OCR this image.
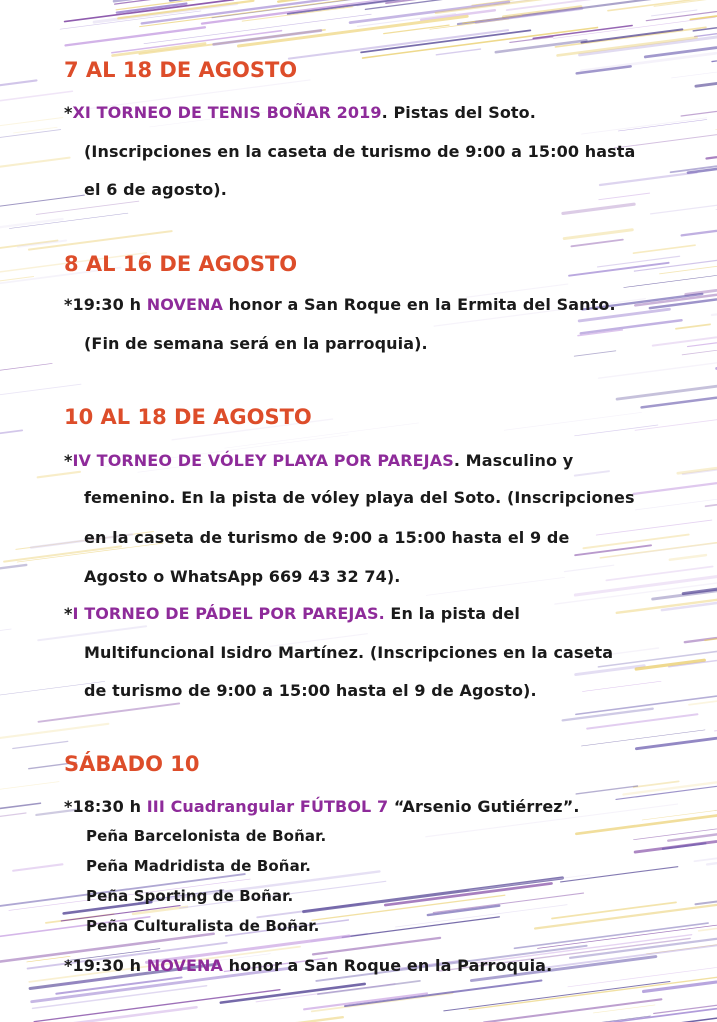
7 AL 18 DE AGOSTO
*XI TORNEO DE TENIS BOÑAR 2019. Pistas del Soto.
(Inscripciones en la caseta de turismo de 9:00 a 15:00 hasta
el 6 de agosto).
8 AL 16 DE AGOSTO
*19:30 h NOVENA honor a San Roque en la Ermita del Santo.
(Fin de semana será en la parroquia).
10 AL 18 DE AGOSTO
*IV TORNEO DE VÓLEY PLAYA POR PAREJAS. Masculino y
femenino. En la pista de vóley playa del Soto. (Inscripciones
en la caseta de turismo de 9:00 a 15:00 hasta el 9 de
Agosto o WhatsApp 669 43 32 74).
*I TORNEO DE PÁDEL POR PAREJAS. En la pista del
Multifuncional Isidro Martínez. (Inscripciones en la caseta
de turismo de 9:00 a 15:00 hasta el 9 de Agosto).
SÁBADO 10
*18:30 h III Cuadrangular FÚTBOL 7 “Arsenio Gutiérrez”.
Peña Barcelonista de Boñar.
Peña Madridista de Boñar.
Peña Sporting de Boñar.
Peña Culturalista de Boñar.
*19:30 h NOVENA honor a San Roque en la Parroquia.
